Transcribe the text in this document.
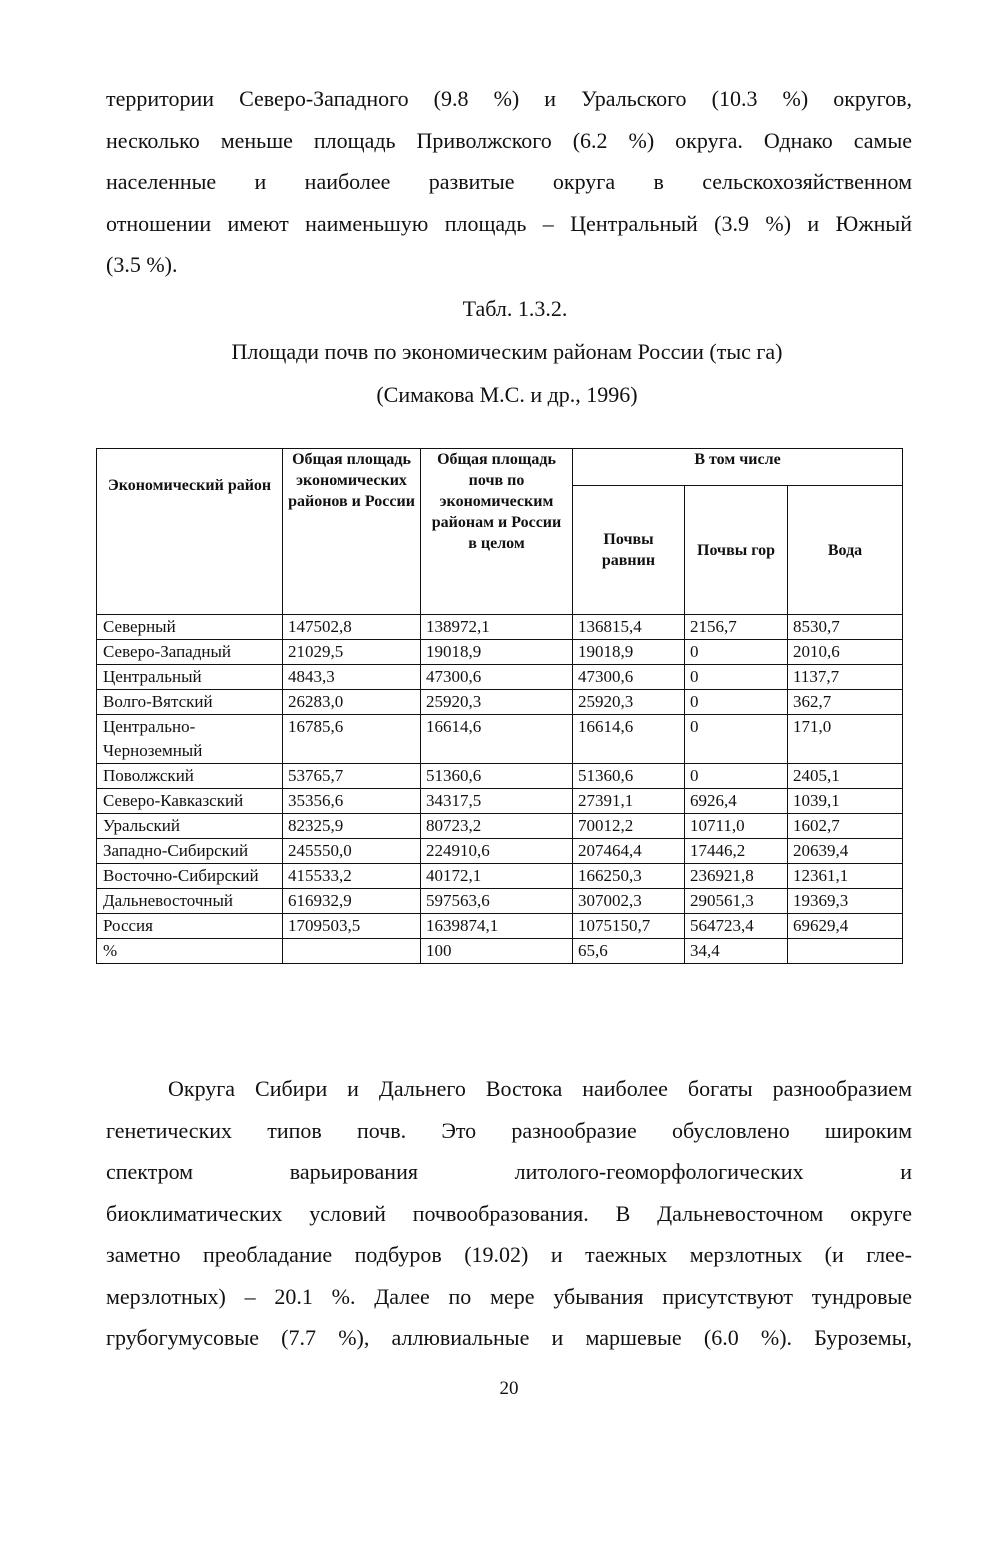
территории Северо-Западного (9.8 %) и Уральского (10.3 %) округов,
несколько меньше площадь Приволжского (6.2 %) округа. Однако самые
населенные и наиболее развитые округа в сельскохозяйственном
отношении имеют наименьшую площадь – Центральный (3.9 %) и Южный
(3.5 %).

Табл. 1.3.2.

Площади почв по экономическим районам России (тыс га)

(Симакова М.С. и др., 1996)

Экономический район	Общая площадь экономических районов и России	Общая площадь почв по экономическим районам и России в целом	В том числе		
			Почвы равнин	Почвы гор	Вода
Северный	147502,8	138972,1	136815,4	2156,7	8530,7
Северо-Западный	21029,5	19018,9	19018,9	0	2010,6
Центральный	4843,3	47300,6	47300,6	0	1137,7
Волго-Вятский	26283,0	25920,3	25920,3	0	362,7
Центрально-Черноземный	16785,6	16614,6	16614,6	0	171,0
Поволжский	53765,7	51360,6	51360,6	0	2405,1
Северо-Кавказский	35356,6	34317,5	27391,1	6926,4	1039,1
Уральский	82325,9	80723,2	70012,2	10711,0	1602,7
Западно-Сибирский	245550,0	224910,6	207464,4	17446,2	20639,4
Восточно-Сибирский	415533,2	40172,1	166250,3	236921,8	12361,1
Дальневосточный	616932,9	597563,6	307002,3	290561,3	19369,3
Россия	1709503,5	1639874,1	1075150,7	564723,4	69629,4
%		100	65,6	34,4	
Округа Сибири и Дальнего Востока наиболее богаты разнообразием
генетических типов почв. Это разнообразие обусловлено широким
спектром варьирования литолого-геоморфологических и
биоклиматических условий почвообразования. В Дальневосточном округе
заметно преобладание подбуров (19.02) и таежных мерзлотных (и глее-
мерзлотных) – 20.1 %. Далее по мере убывания присутствуют тундровые
грубогумусовые (7.7 %), аллювиальные и маршевые (6.0 %). Буроземы,

20
